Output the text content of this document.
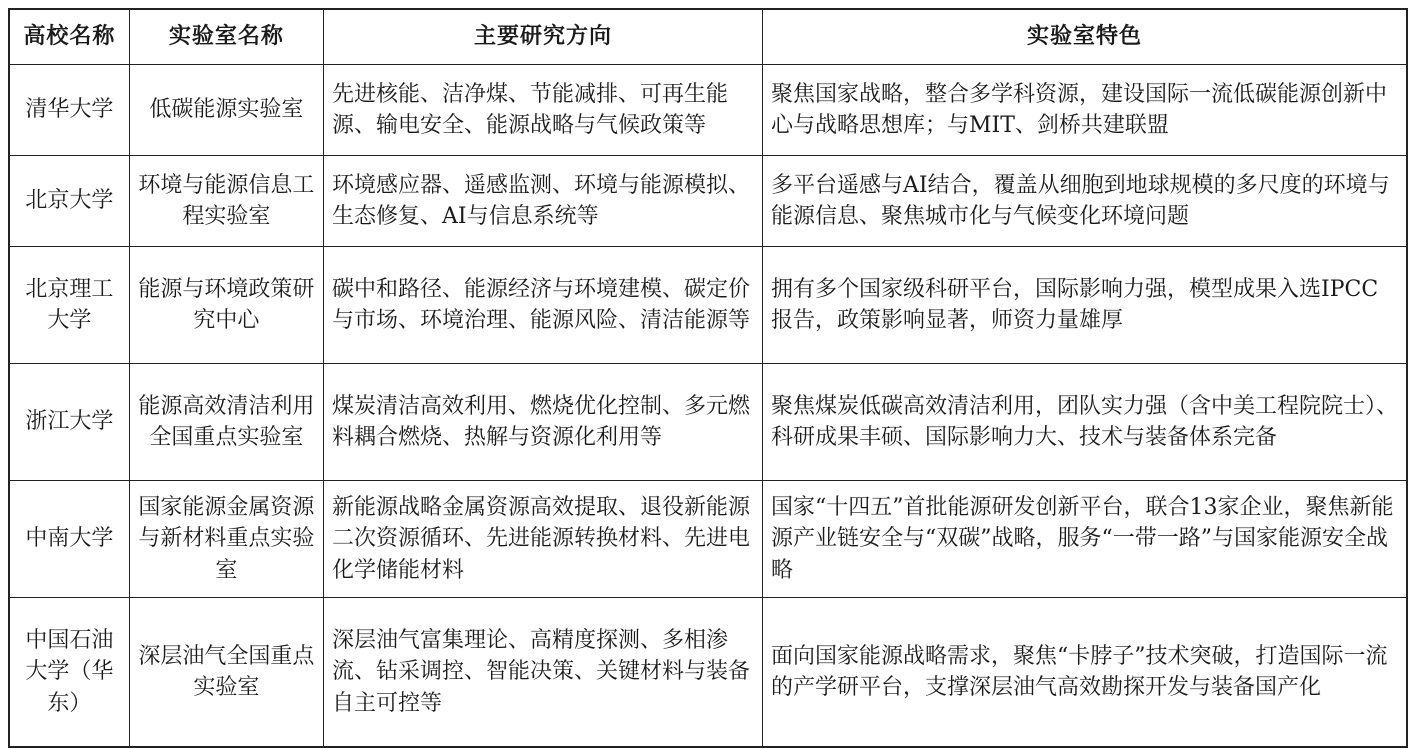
高校名称	实验室名称	主要研究方向	实验室特色

清华大学	低碳能源实验室	先进核能、洁净煤、节能减排、可再生能源、输电安全、能源战略与气候政策等	聚焦国家战略，整合多学科资源，建设国际一流低碳能源创新中心与战略思想库；与MIT、剑桥共建联盟

北京大学	环境与能源信息工程实验室	环境感应器、遥感监测、环境与能源模拟、生态修复、AI与信息系统等	多平台遥感与AI结合，覆盖从细胞到地球规模的多尺度的环境与能源信息、聚焦城市化与气候变化环境问题

北京理工大学	能源与环境政策研究中心	碳中和路径、能源经济与环境建模、碳定价与市场、环境治理、能源风险、清洁能源等	拥有多个国家级科研平台，国际影响力强，模型成果入选IPCC报告，政策影响显著，师资力量雄厚

浙江大学	能源高效清洁利用全国重点实验室	煤炭清洁高效利用、燃烧优化控制、多元燃料耦合燃烧、热解与资源化利用等	聚焦煤炭低碳高效清洁利用，团队实力强（含中美工程院院士）、科研成果丰硕、国际影响力大、技术与装备体系完备

中南大学	国家能源金属资源与新材料重点实验室	新能源战略金属资源高效提取、退役新能源二次资源循环、先进能源转换材料、先进电化学储能材料	国家“十四五”首批能源研发创新平台，联合13家企业，聚焦新能源产业链安全与“双碳”战略，服务“一带一路”与国家能源安全战略

中国石油大学（华东）	深层油气全国重点实验室	深层油气富集理论、高精度探测、多相渗流、钻采调控、智能决策、关键材料与装备自主可控等	面向国家能源战略需求，聚焦“卡脖子”技术突破，打造国际一流的产学研平台，支撑深层油气高效勘探开发与装备国产化
